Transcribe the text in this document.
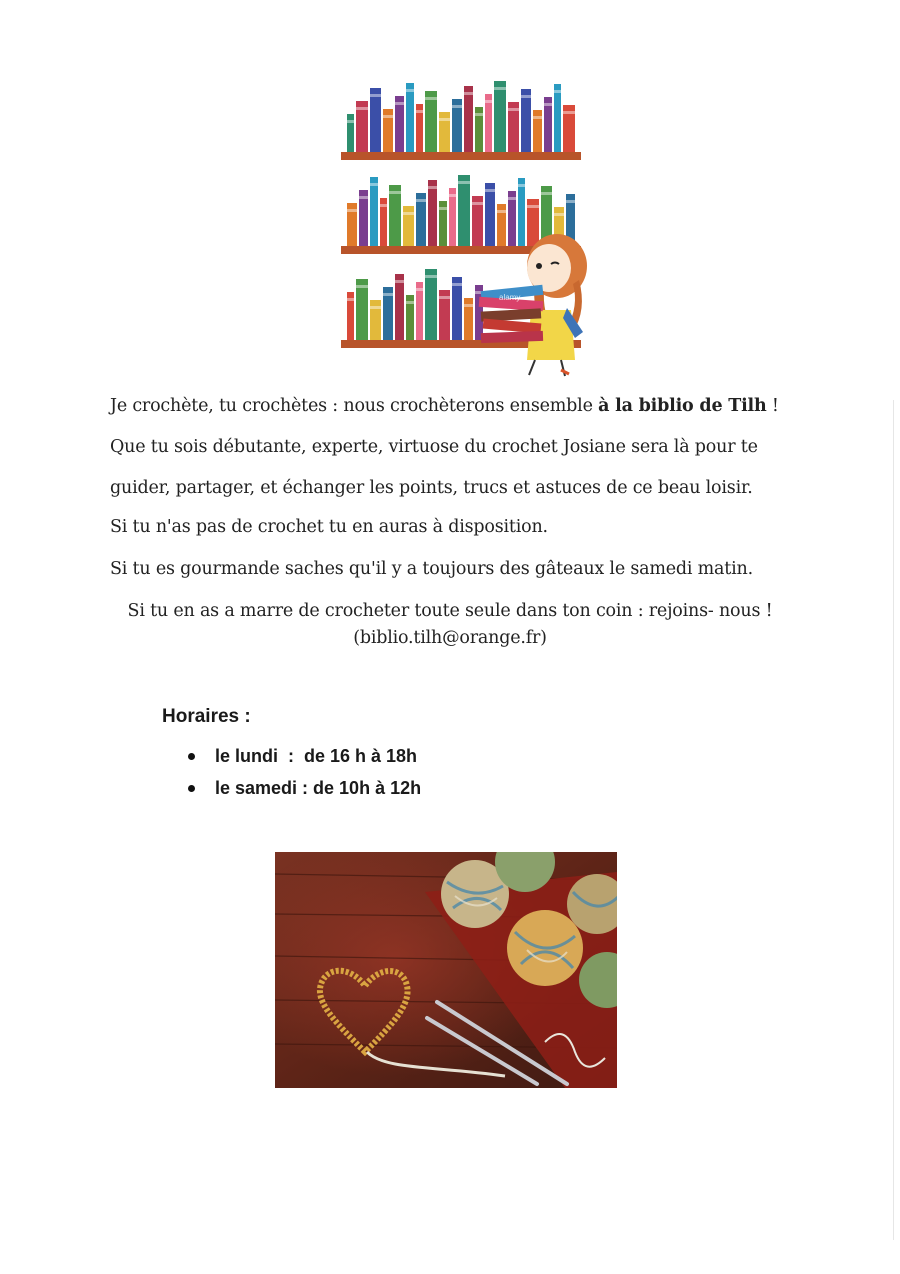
alamy
Je crochète, tu crochètes : nous crochèterons ensemble à la biblio de Tilh !
Que tu sois débutante, experte, virtuose du crochet Josiane sera là pour te
guider, partager, et échanger les points, trucs et astuces de ce beau loisir.
Si tu n'as pas de crochet tu en auras à disposition.
Si tu es gourmande saches qu'il y a toujours des gâteaux le samedi matin.
Si tu en as a marre de crocheter toute seule dans ton coin : rejoins- nous !
(biblio.tilh@orange.fr)
Horaires :
le lundi  :  de 16 h à 18h
le samedi : de 10h à 12h
